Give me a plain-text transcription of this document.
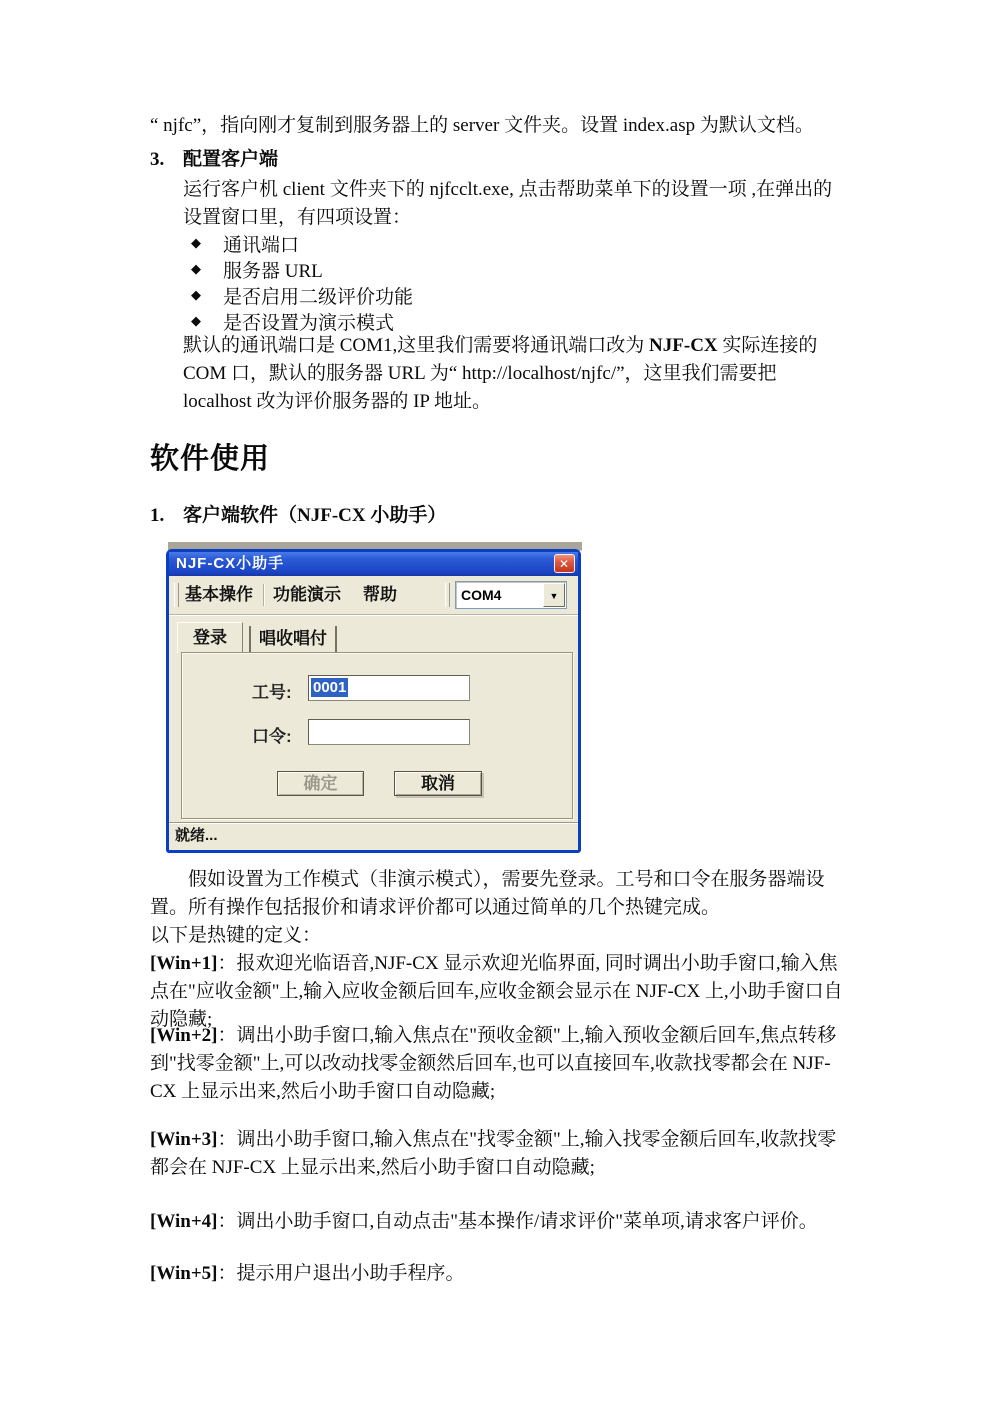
“ njfc”，指向刚才复制到服务器上的 server 文件夹。设置 index.asp 为默认文档。
3. 配置客户端
运行客户机 client 文件夹下的 njfcclt.exe, 点击帮助菜单下的设置一项 ,在弹出的设置窗口里，有四项设置：
◆	通讯端口
◆	服务器 URL
◆	是否启用二级评价功能
◆	是否设置为演示模式
默认的通讯端口是 COM1,这里我们需要将通讯端口改为 NJF-CX 实际连接的 COM 口，默认的服务器 URL 为“ http://localhost/njfc/”，这里我们需要把 localhost 改为评价服务器的 IP 地址。
软件使用
1. 客户端软件（NJF-CX 小助手）
NJF-CX小助手	✕
基本操作 功能演示 帮助	COM4	▼
登录	唱收唱付
工号:	0001
口令:
确定	取消
就绪...
假如设置为工作模式（非演示模式），需要先登录。工号和口令在服务器端设置。所有操作包括报价和请求评价都可以通过简单的几个热键完成。
以下是热键的定义：

[Win+1]：报欢迎光临语音,NJF-CX 显示欢迎光临界面, 同时调出小助手窗口,输入焦点在"应收金额"上,输入应收金额后回车,应收金额会显示在 NJF-CX 上,小助手窗口自动隐藏;

[Win+2]：调出小助手窗口,输入焦点在"预收金额"上,输入预收金额后回车,焦点转移到"找零金额"上,可以改动找零金额然后回车,也可以直接回车,收款找零都会在 NJF-CX 上显示出来,然后小助手窗口自动隐藏;

[Win+3]：调出小助手窗口,输入焦点在"找零金额"上,输入找零金额后回车,收款找零都会在 NJF-CX 上显示出来,然后小助手窗口自动隐藏;

[Win+4]：调出小助手窗口,自动点击"基本操作/请求评价"菜单项,请求客户评价。

[Win+5]：提示用户退出小助手程序。
